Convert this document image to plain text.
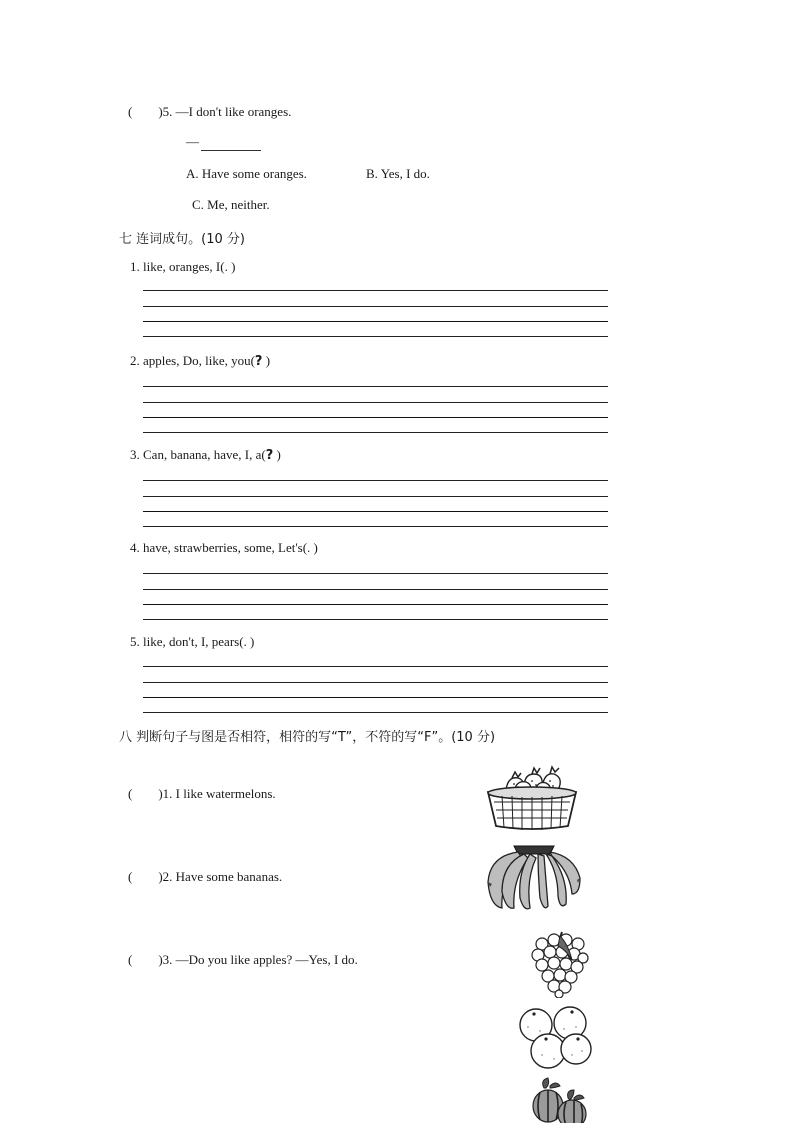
(        )5. —I don't like oranges.
—
A. Have some oranges.	B. Yes, I do.
C. Me, neither.
七 连词成句。(10 分)
1. like, oranges, I(. )
2. apples, Do, like, you(? )
3. Can, banana, have, I, a(? )
4. have, strawberries, some, Let's(. )
5. like, don't, I, pears(. )
八 判断句子与图是否相符，相符的写“T”，不符的写“F”。(10 分)
(        )1. I like watermelons.
(        )2. Have some bananas.
(        )3. —Do you like apples? —Yes, I do.
